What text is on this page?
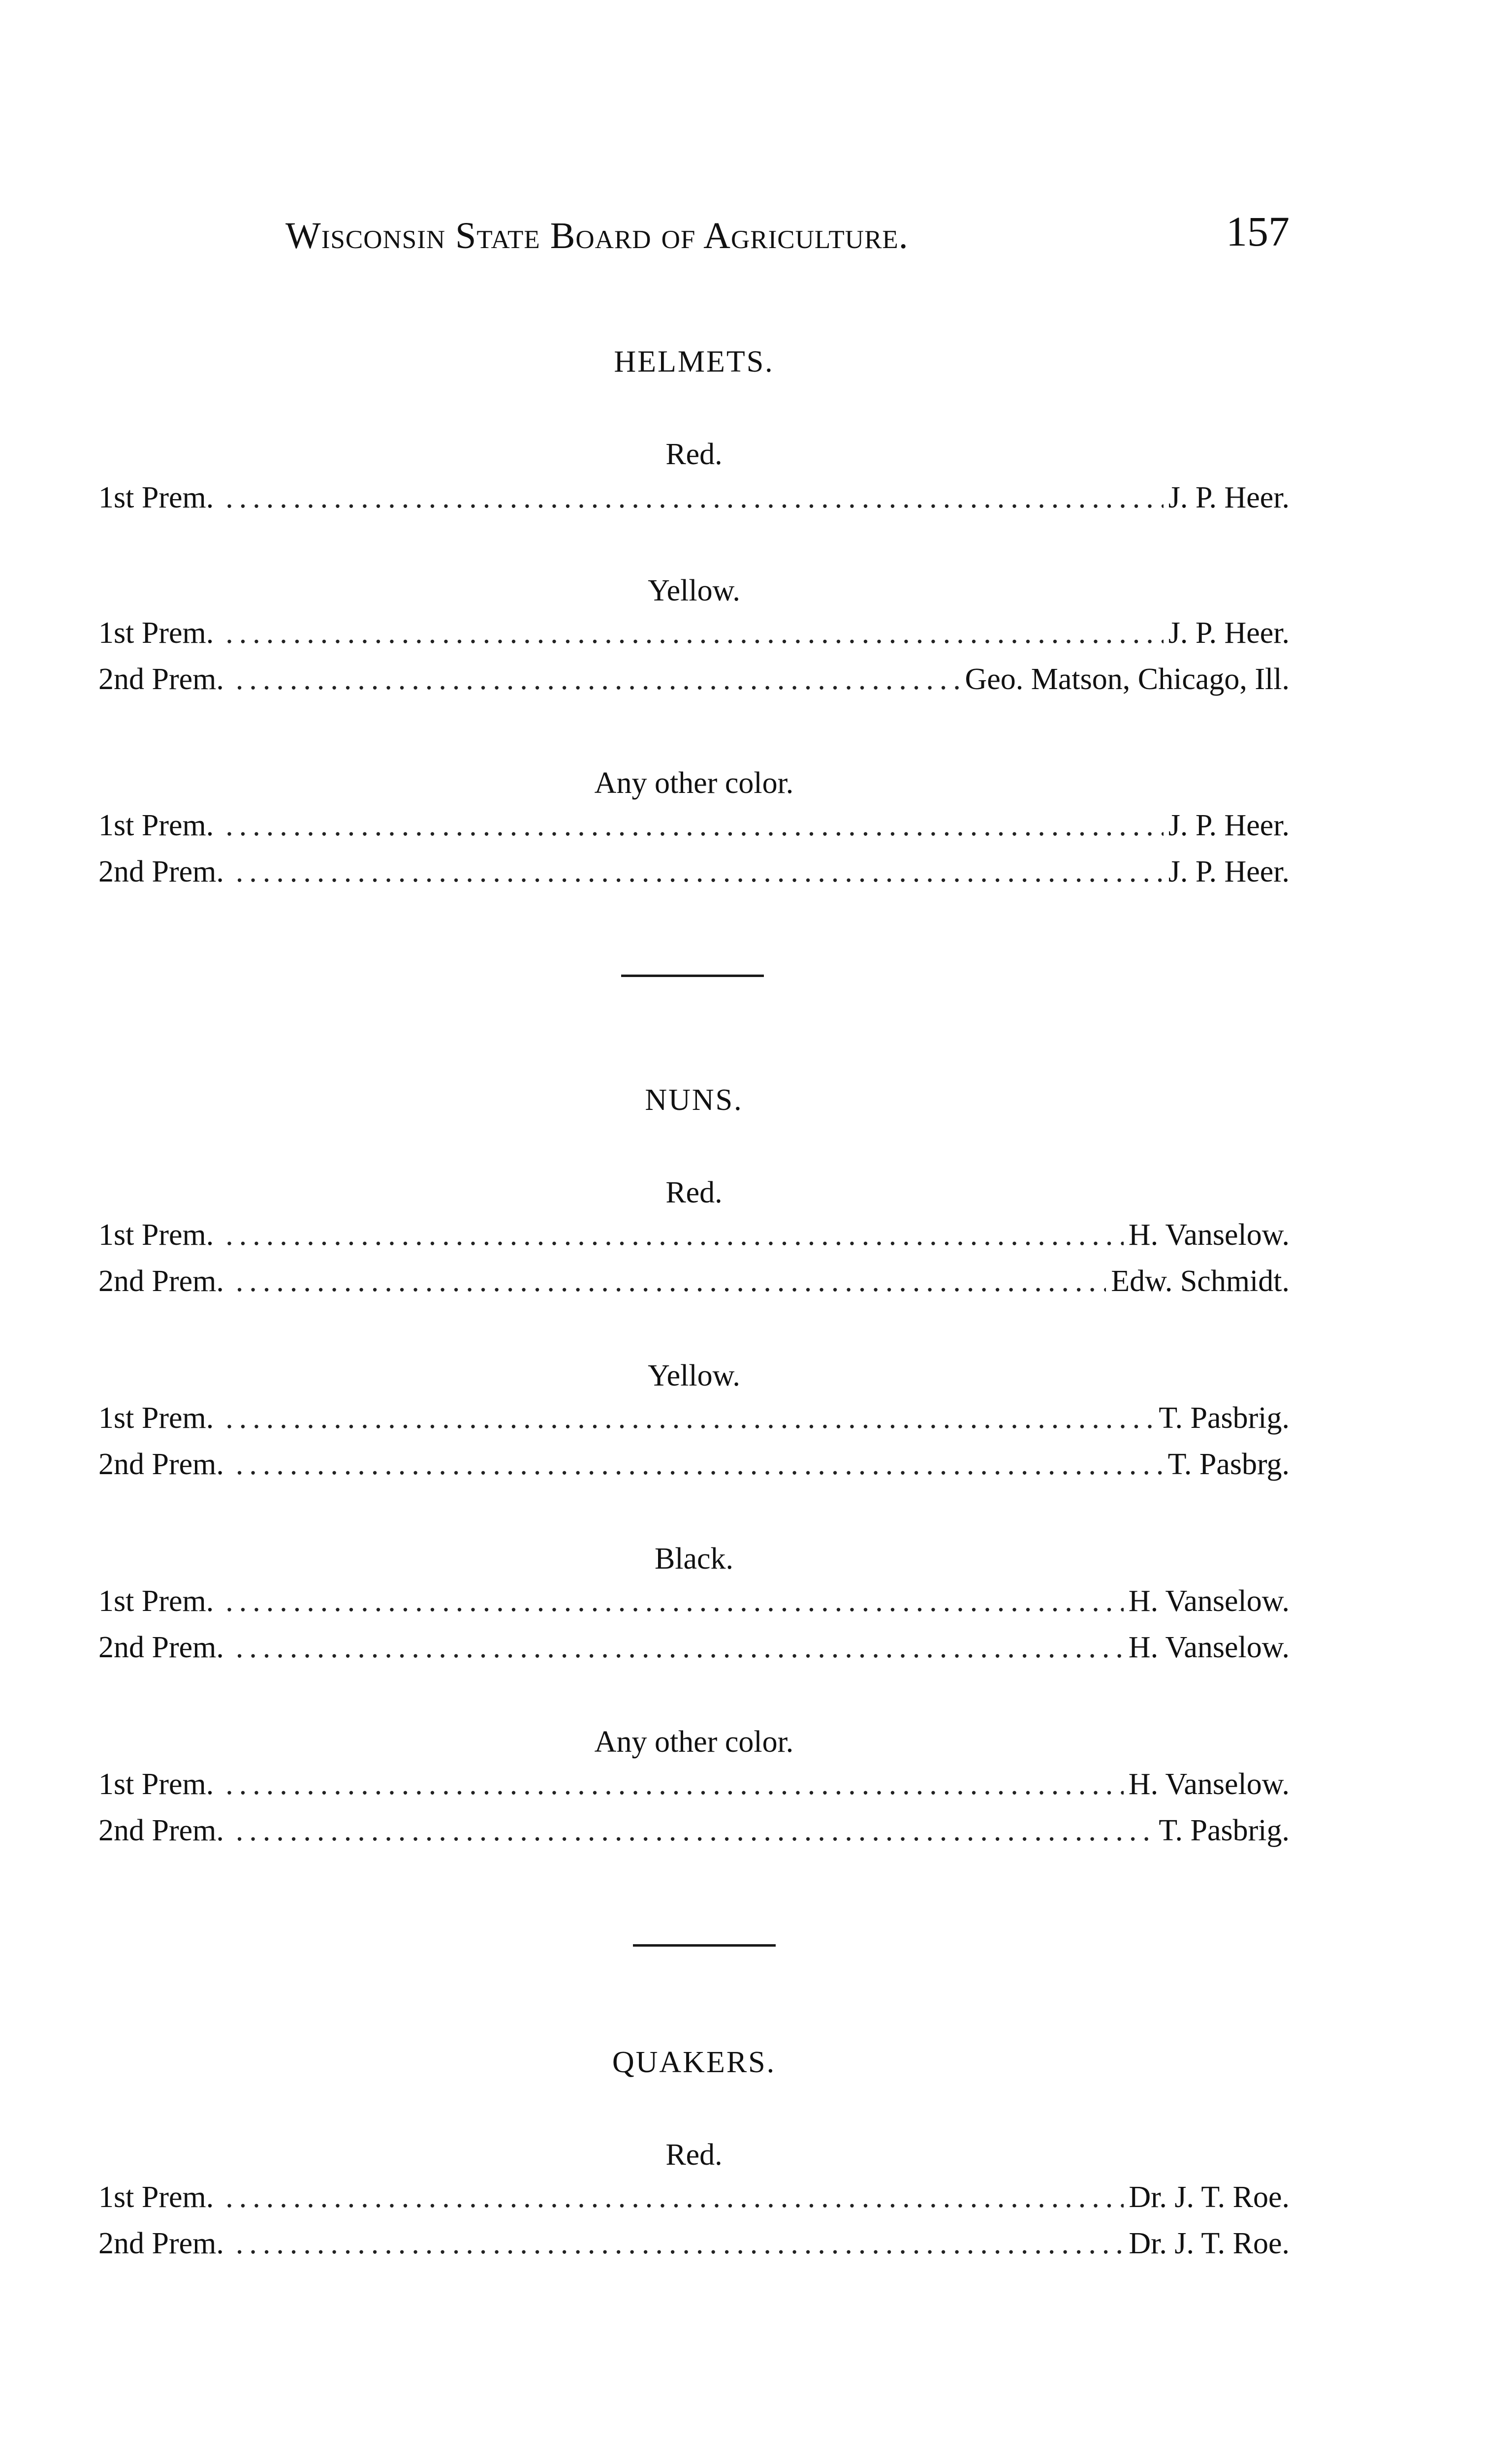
Wisconsin State Board of Agriculture.	157
HELMETS.
Red.
1st Prem. .....	J. P. Heer.
Yellow.
1st Prem. .....	J. P. Heer.
2nd Prem. .....	Geo. Matson, Chicago, Ill.
Any other color.
1st Prem. .....	J. P. Heer.
2nd Prem. .....	J. P. Heer.
NUNS.
Red.
1st Prem. .....	H. Vanselow.
2nd Prem. .....	Edw. Schmidt.
Yellow.
1st Prem. .....	T. Pasbrig.
2nd Prem. .....	T. Pasbrg.
Black.
1st Prem. .....	H. Vanselow.
2nd Prem. .....	H. Vanselow.
Any other color.
1st Prem. .....	H. Vanselow.
2nd Prem. .....	T. Pasbrig.
QUAKERS.
Red.
1st Prem. .....	Dr. J. T. Roe.
2nd Prem. .....	Dr. J. T. Roe.
